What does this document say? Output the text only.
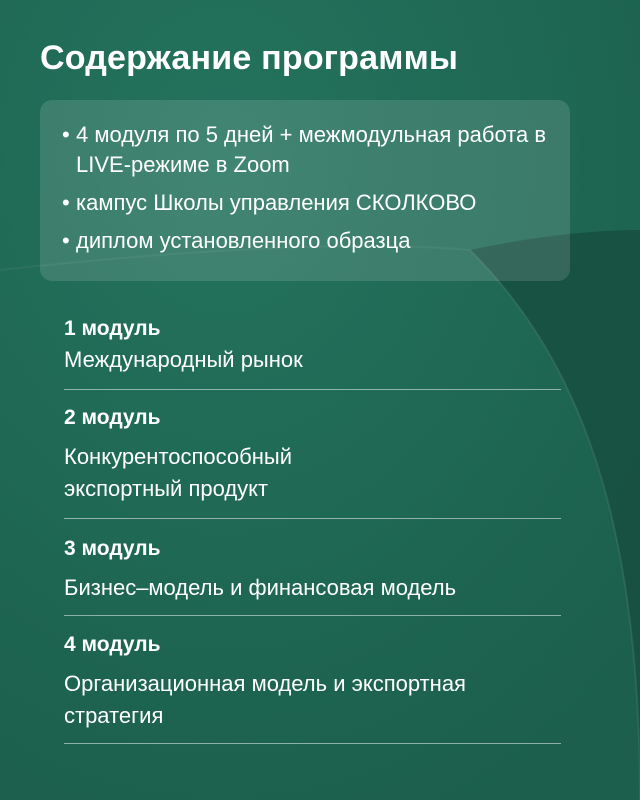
Содержание программы
• 4 модуля по 5 дней + межмодульная работа в LIVE-режиме в Zoom
• кампус Школы управления СКОЛКОВО
• диплом установленного образца
1 модуль
Международный рынок
2 модуль
Конкурентоспособный
экспортный продукт
3 модуль
Бизнес–модель и финансовая модель
4 модуль
Организационная модель и экспортная
стратегия
